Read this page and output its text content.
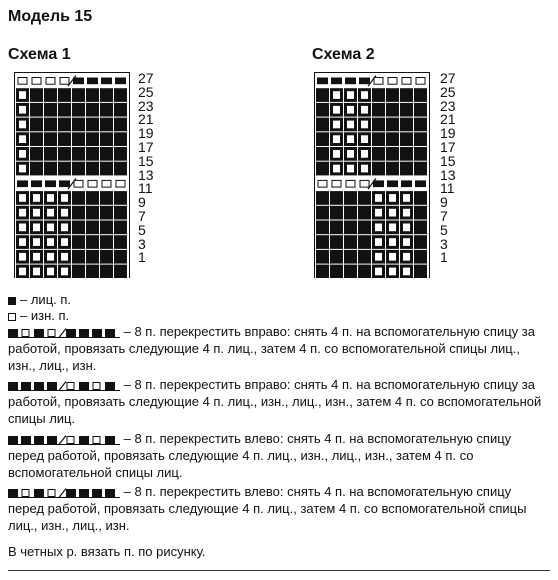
Модель 15
Схема 1
27
25
23
21
19
17
15
13
11
9
7
5
3
1
Схема 2
27
25
23
21
19
17
15
13
11
9
7
5
3
1
– лиц. п.
– изн. п.
– 8 п. перекрестить вправо: снять 4 п. на вспомогательную спицу за работой, провязать следующие 4 п. лиц., затем 4 п. со вспомогательной спицы лиц., изн., лиц., изн.
– 8 п. перекрестить вправо: снять 4 п. на вспомогательную спицу за работой, провязать следующие 4 п. лиц., изн., лиц., изн., затем 4 п. со вспомогательной спицы лиц.
– 8 п. перекрестить влево: снять 4 п. на вспомогательную спицу перед работой, провязать следующие 4 п. лиц., изн., лиц., изн., затем 4 п. со вспомогательной спицы лиц.
– 8 п. перекрестить влево: снять 4 п. на вспомогательную спицу перед работой, провязать следующие 4 п. лиц., затем 4 п. со вспомогательной спицы лиц., изн., лиц., изн.
В четных р. вязать п. по рисунку.
